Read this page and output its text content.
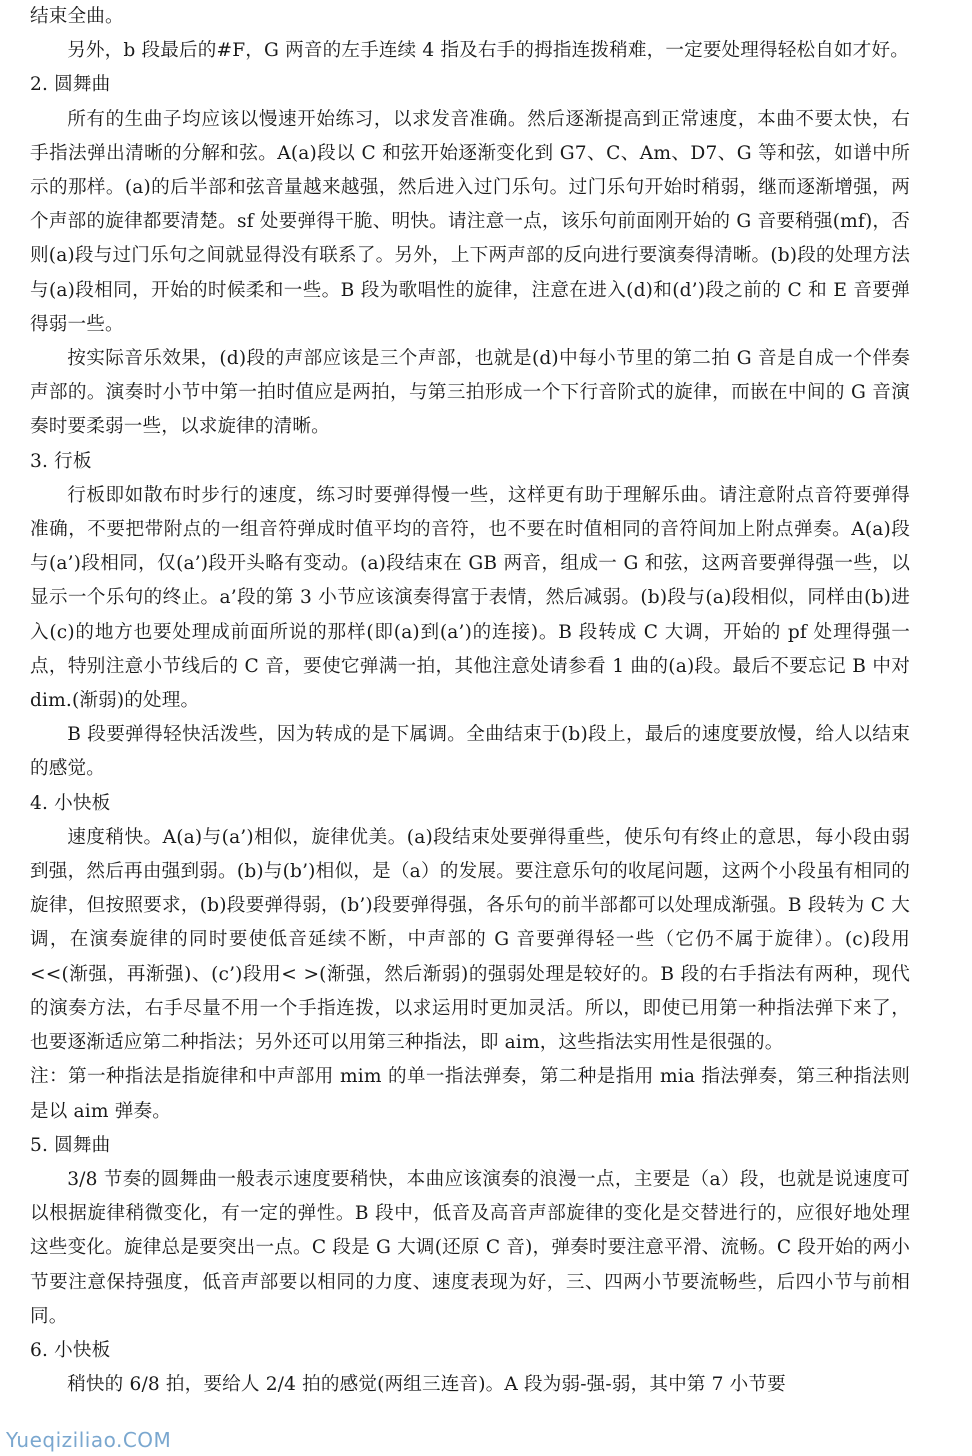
结束全曲。

另外，b 段最后的#F，G 两音的左手连续 4 指及右手的拇指连拨稍难，一定要处理得轻松自如才好。

2. 圆舞曲

所有的生曲子均应该以慢速开始练习，以求发音准确。然后逐渐提高到正常速度，本曲不要太快，右手指法弹出清晰的分解和弦。A(a)段以 C 和弦开始逐渐变化到 G7、C、Am、D7、G 等和弦，如谱中所示的那样。(a)的后半部和弦音量越来越强，然后进入过门乐句。过门乐句开始时稍弱，继而逐渐增强，两个声部的旋律都要清楚。sf 处要弹得干脆、明快。请注意一点，该乐句前面刚开始的 G 音要稍强(mf)，否则(a)段与过门乐句之间就显得没有联系了。另外，上下两声部的反向进行要演奏得清晰。(b)段的处理方法与(a)段相同，开始的时候柔和一些。B 段为歌唱性的旋律，注意在进入(d)和(d’)段之前的 C 和 E 音要弹得弱一些。

按实际音乐效果，(d)段的声部应该是三个声部，也就是(d)中每小节里的第二拍 G 音是自成一个伴奏声部的。演奏时小节中第一拍时值应是两拍，与第三拍形成一个下行音阶式的旋律，而嵌在中间的 G 音演奏时要柔弱一些，以求旋律的清晰。

3. 行板

行板即如散布时步行的速度，练习时要弹得慢一些，这样更有助于理解乐曲。请注意附点音符要弹得准确，不要把带附点的一组音符弹成时值平均的音符，也不要在时值相同的音符间加上附点弹奏。A(a)段与(a’)段相同，仅(a’)段开头略有变动。(a)段结束在 GB 两音，组成一 G 和弦，这两音要弹得强一些，以显示一个乐句的终止。a’段的第 3 小节应该演奏得富于表情，然后减弱。(b)段与(a)段相似，同样由(b)进入(c)的地方也要处理成前面所说的那样(即(a)到(a’)的连接)。B 段转成 C 大调，开始的 pf 处理得强一点，特别注意小节线后的 C 音，要使它弹满一拍，其他注意处请参看 1 曲的(a)段。最后不要忘记 B 中对 dim.(渐弱)的处理。

B 段要弹得轻快活泼些，因为转成的是下属调。全曲结束于(b)段上，最后的速度要放慢，给人以结束的感觉。

4. 小快板

速度稍快。A(a)与(a’)相似，旋律优美。(a)段结束处要弹得重些，使乐句有终止的意思，每小段由弱到强，然后再由强到弱。(b)与(b’)相似，是（a）的发展。要注意乐句的收尾问题，这两个小段虽有相同的旋律，但按照要求，(b)段要弹得弱，(b’)段要弹得强，各乐句的前半部都可以处理成渐强。B 段转为 C 大调，在演奏旋律的同时要使低音延续不断，中声部的 G 音要弹得轻一些（它仍不属于旋律）。(c)段用<<(渐强，再渐强)、(c’)段用< >(渐强，然后渐弱)的强弱处理是较好的。B 段的右手指法有两种，现代的演奏方法，右手尽量不用一个手指连拨，以求运用时更加灵活。所以，即使已用第一种指法弹下来了，也要逐渐适应第二种指法；另外还可以用第三种指法，即 aim，这些指法实用性是很强的。

注：第一种指法是指旋律和中声部用 mim 的单一指法弹奏，第二种是指用 mia 指法弹奏，第三种指法则是以 aim 弹奏。

5. 圆舞曲

3/8 节奏的圆舞曲一般表示速度要稍快，本曲应该演奏的浪漫一点，主要是（a）段，也就是说速度可以根据旋律稍微变化，有一定的弹性。B 段中，低音及高音声部旋律的变化是交替进行的，应很好地处理这些变化。旋律总是要突出一点。C 段是 G 大调(还原 C 音)，弹奏时要注意平滑、流畅。C 段开始的两小节要注意保持强度，低音声部要以相同的力度、速度表现为好，三、四两小节要流畅些，后四小节与前相同。

6. 小快板

稍快的 6/8 拍，要给人 2/4 拍的感觉(两组三连音)。A 段为弱-强-弱，其中第 7 小节要

Yueqiziliao.COM
